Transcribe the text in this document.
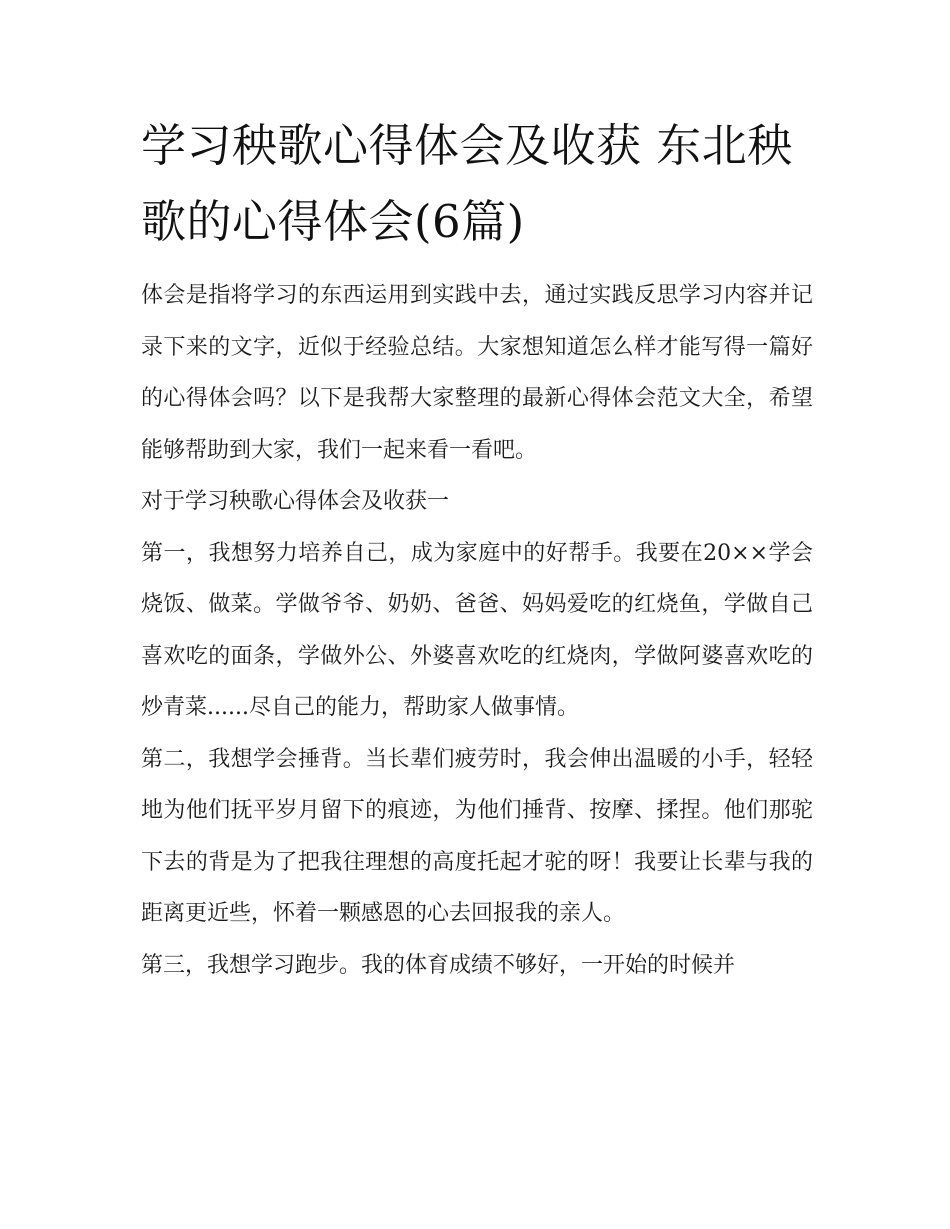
学习秧歌心得体会及收获 东北秧歌的心得体会(6篇)

体会是指将学习的东西运用到实践中去，通过实践反思学习内容并记录下来的文字，近似于经验总结。大家想知道怎么样才能写得一篇好的心得体会吗？以下是我帮大家整理的最新心得体会范文大全，希望能够帮助到大家，我们一起来看一看吧。

对于学习秧歌心得体会及收获一

第一，我想努力培养自己，成为家庭中的好帮手。我要在20××学会烧饭、做菜。学做爷爷、奶奶、爸爸、妈妈爱吃的红烧鱼，学做自己喜欢吃的面条，学做外公、外婆喜欢吃的红烧肉，学做阿婆喜欢吃的炒青菜......尽自己的能力，帮助家人做事情。

第二，我想学会捶背。当长辈们疲劳时，我会伸出温暖的小手，轻轻地为他们抚平岁月留下的痕迹，为他们捶背、按摩、揉捏。他们那驼下去的背是为了把我往理想的高度托起才驼的呀！我要让长辈与我的距离更近些，怀着一颗感恩的心去回报我的亲人。

第三，我想学习跑步。我的体育成绩不够好，一开始的时候并
